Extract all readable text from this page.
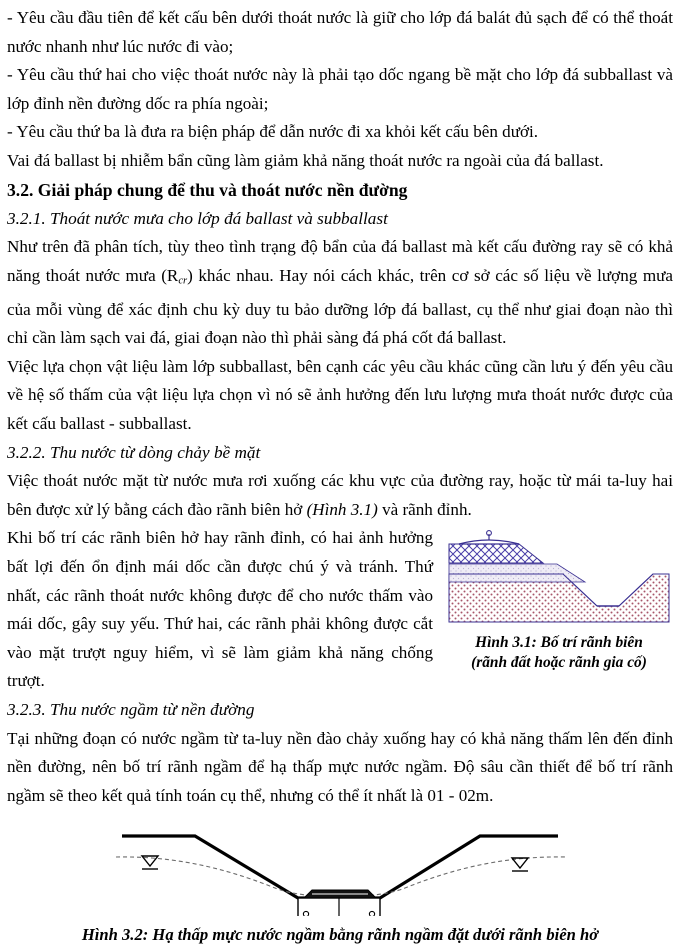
- Yêu cầu đầu tiên để kết cấu bên dưới thoát nước là giữ cho lớp đá balát đủ sạch để có thể thoát nước nhanh như lúc nước đi vào;

- Yêu cầu thứ hai cho việc thoát nước này là phải tạo dốc ngang bề mặt cho lớp đá subballast và lớp đỉnh nền đường dốc ra phía ngoài;

- Yêu cầu thứ ba là đưa ra biện pháp để dẫn nước đi xa khỏi kết cấu bên dưới.

Vai đá ballast bị nhiễm bẩn cũng làm giảm khả năng thoát nước ra ngoài của đá ballast.

3.2. Giải pháp chung để thu và thoát nước nền đường
3.2.1. Thoát nước mưa cho lớp đá ballast và subballast

Như trên đã phân tích, tùy theo tình trạng độ bẩn của đá ballast mà kết cấu đường ray sẽ có khả năng thoát nước mưa $(R_{cr})$ khác nhau. Hay nói cách khác, trên cơ sở các số liệu về lượng mưa của mỗi vùng để xác định chu kỳ duy tu bảo dưỡng lớp đá ballast, cụ thể như giai đoạn nào thì chỉ cần làm sạch vai đá, giai đoạn nào thì phải sàng đá phá cốt đá ballast.

Việc lựa chọn vật liệu làm lớp subballast, bên cạnh các yêu cầu khác cũng cần lưu ý đến yêu cầu về hệ số thấm của vật liệu lựa chọn vì nó sẽ ảnh hưởng đến lưu lượng mưa thoát nước được của kết cấu ballast - subballast.

3.2.2. Thu nước từ dòng chảy bề mặt

Việc thoát nước mặt từ nước mưa rơi xuống các khu vực của đường ray, hoặc từ mái ta-luy hai bên được xử lý bằng cách đào rãnh biên hở (Hình 3.1) và rãnh đỉnh.

Hình 3.1: Bố trí rãnh biên
(rãnh đất hoặc rãnh gia cố)

Khi bố trí các rãnh biên hở hay rãnh đỉnh, có hai ảnh hưởng bất lợi đến ổn định mái dốc cần được chú ý và tránh. Thứ nhất, các rãnh thoát nước không được để cho nước thấm vào mái dốc, gây suy yếu. Thứ hai, các rãnh phải không được cắt vào mặt trượt nguy hiểm, vì sẽ làm giảm khả năng chống trượt.

3.2.3. Thu nước ngầm từ nền đường

Tại những đoạn có nước ngầm từ ta-luy nền đào chảy xuống hay có khả năng thấm lên đến đỉnh nền đường, nên bố trí rãnh ngầm để hạ thấp mực nước ngầm. Độ sâu cần thiết để bố trí rãnh ngầm sẽ theo kết quả tính toán cụ thể, nhưng có thể ít nhất là 01 - 02m.

Hình 3.2: Hạ thấp mực nước ngầm bằng rãnh ngầm đặt dưới rãnh biên hở
